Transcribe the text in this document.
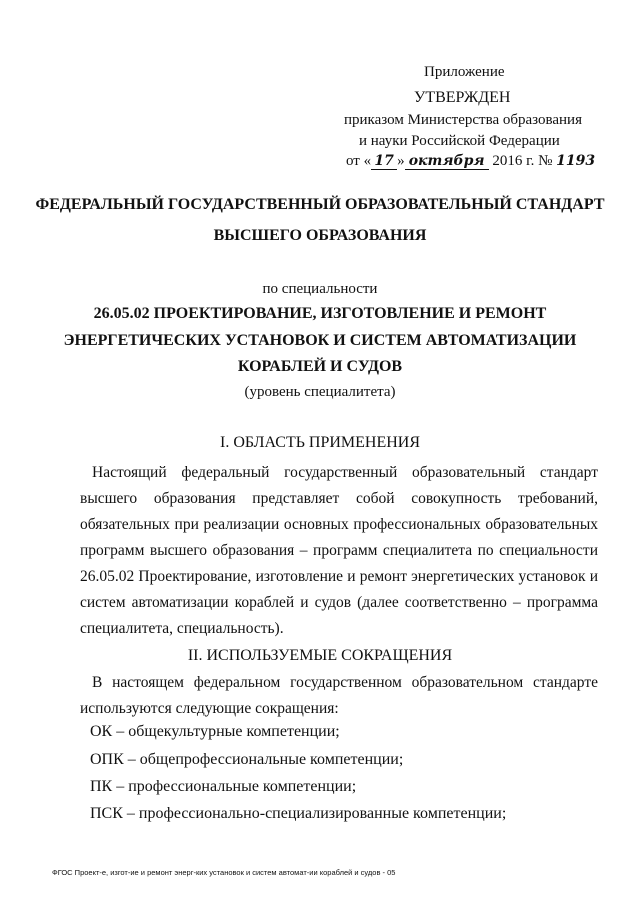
Приложение
УТВЕРЖДЕН
приказом Министерства образования
и науки Российской Федерации
от « 17 » октября 2016 г. № 1193
ФЕДЕРАЛЬНЫЙ ГОСУДАРСТВЕННЫЙ ОБРАЗОВАТЕЛЬНЫЙ СТАНДАРТ
ВЫСШЕГО ОБРАЗОВАНИЯ
по специальности
26.05.02 ПРОЕКТИРОВАНИЕ, ИЗГОТОВЛЕНИЕ И РЕМОНТ
ЭНЕРГЕТИЧЕСКИХ УСТАНОВОК И СИСТЕМ АВТОМАТИЗАЦИИ
КОРАБЛЕЙ И СУДОВ
(уровень специалитета)
I. ОБЛАСТЬ ПРИМЕНЕНИЯ
Настоящий федеральный государственный образовательный стандарт высшего образования представляет собой совокупность требований, обязательных при реализации основных профессиональных образовательных программ высшего образования – программ специалитета по специальности 26.05.02 Проектирование, изготовление и ремонт энергетических установок и систем автоматизации кораблей и судов (далее соответственно – программа специалитета, специальность).
II. ИСПОЛЬЗУЕМЫЕ СОКРАЩЕНИЯ
В настоящем федеральном государственном образовательном стандарте используются следующие сокращения:
ОК – общекультурные компетенции;
ОПК – общепрофессиональные компетенции;
ПК – профессиональные компетенции;
ПСК – профессионально-специализированные компетенции;
ФГОС Проект-е, изгот-ие и ремонт энерг-ких установок и систем автомат-ии кораблей и судов - 05
